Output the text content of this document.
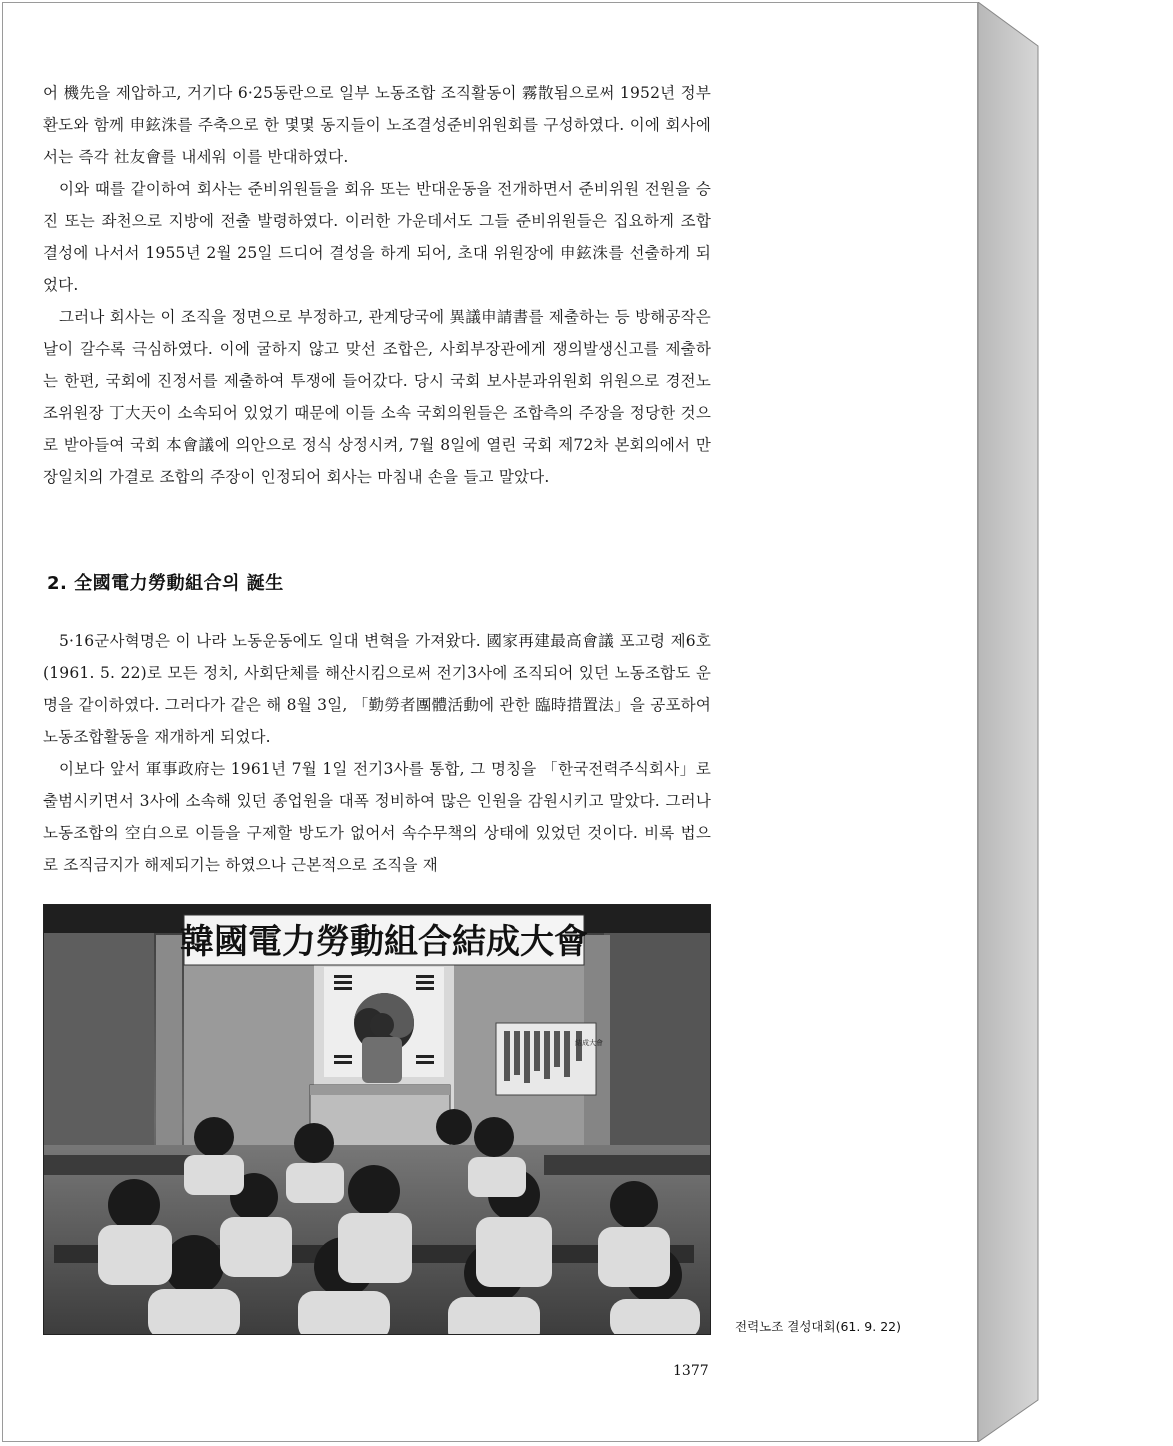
어 機先을 제압하고, 거기다 6·25동란으로 일부 노동조합 조직활동이 霧散됨으로써 1952년 정부환도와 함께 申鉉洙를 주축으로 한 몇몇 동지들이 노조결성준비위원회를 구성하였다. 이에 회사에서는 즉각 社友會를 내세워 이를 반대하였다.

이와 때를 같이하여 회사는 준비위원들을 회유 또는 반대운동을 전개하면서 준비위원 전원을 승진 또는 좌천으로 지방에 전출 발령하였다. 이러한 가운데서도 그들 준비위원들은 집요하게 조합결성에 나서서 1955년 2월 25일 드디어 결성을 하게 되어, 초대 위원장에 申鉉洙를 선출하게 되었다.

그러나 회사는 이 조직을 정면으로 부정하고, 관계당국에 異議申請書를 제출하는 등 방해공작은 날이 갈수록 극심하였다. 이에 굴하지 않고 맞선 조합은, 사회부장관에게 쟁의발생신고를 제출하는 한편, 국회에 진정서를 제출하여 투쟁에 들어갔다. 당시 국회 보사분과위원회 위원으로 경전노조위원장 丁大天이 소속되어 있었기 때문에 이들 소속 국회의원들은 조합측의 주장을 정당한 것으로 받아들여 국회 本會議에 의안으로 정식 상정시켜, 7월 8일에 열린 국회 제72차 본회의에서 만장일치의 가결로 조합의 주장이 인정되어 회사는 마침내 손을 들고 말았다.

2. 全國電力勞動組合의 誕生

5·16군사혁명은 이 나라 노동운동에도 일대 변혁을 가져왔다. 國家再建最高會議 포고령 제6호(1961. 5. 22)로 모든 정치, 사회단체를 해산시킴으로써 전기3사에 조직되어 있던 노동조합도 운명을 같이하였다. 그러다가 같은 해 8월 3일, 「勤勞者團體活動에 관한 臨時措置法」을 공포하여 노동조합활동을 재개하게 되었다.

이보다 앞서 軍事政府는 1961년 7월 1일 전기3사를 통합, 그 명칭을 「한국전력주식회사」로 출범시키면서 3사에 소속해 있던 종업원을 대폭 정비하여 많은 인원을 감원시키고 말았다. 그러나 노동조합의 空白으로 이들을 구제할 방도가 없어서 속수무책의 상태에 있었던 것이다. 비록 법으로 조직금지가 해제되기는 하였으나 근본적으로 조직을 재

韓國電力勞動組合結成大會
結成大會
전력노조 결성대회(61. 9. 22)
1377
